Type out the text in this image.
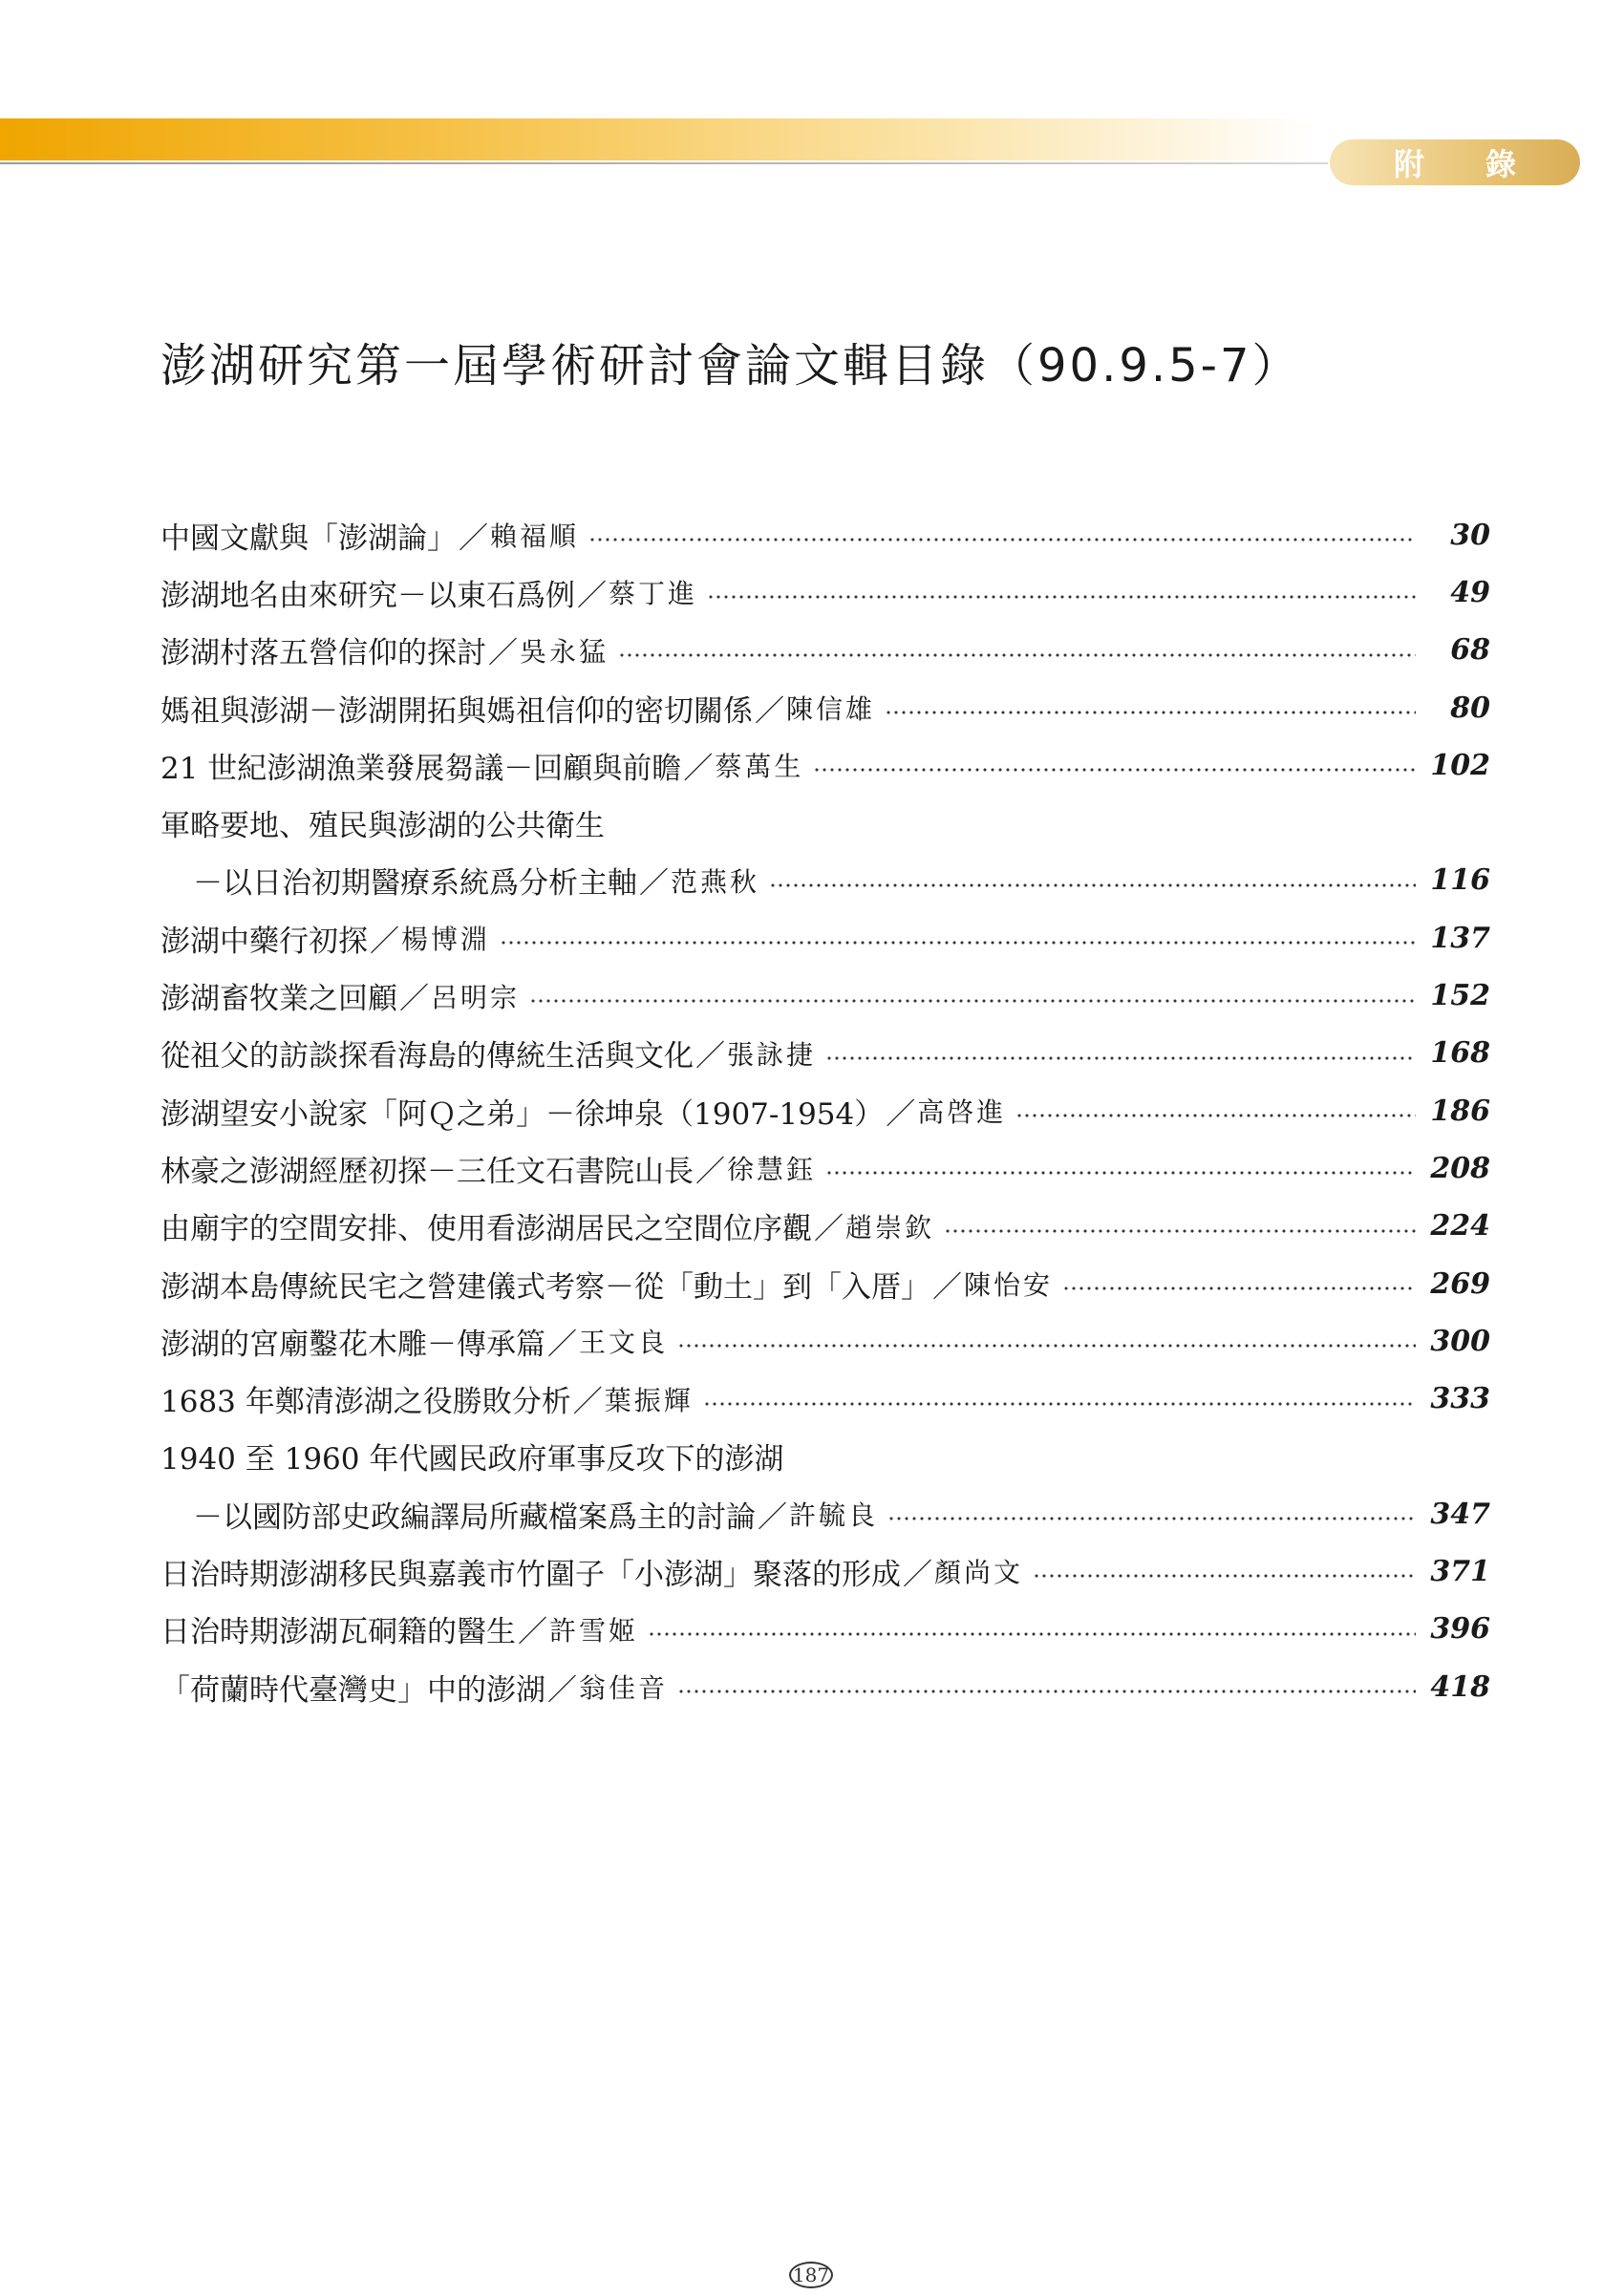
附錄
澎湖研究第一屆學術研討會論文輯目錄（90.9.5-7）
中國文獻與「澎湖論」 ／ 賴福順	30
澎湖地名由來研究－以東石爲例 ／ 蔡丁進	49
澎湖村落五營信仰的探討 ／ 吳永猛	68
媽祖與澎湖－澎湖開拓與媽祖信仰的密切關係 ／ 陳信雄	80
21 世紀澎湖漁業發展芻議－回顧與前瞻 ／ 蔡萬生	102
軍略要地、殖民與澎湖的公共衛生
－以日治初期醫療系統爲分析主軸 ／ 范燕秋	116
澎湖中藥行初探 ／ 楊博淵	137
澎湖畜牧業之回顧 ／ 呂明宗	152
從祖父的訪談探看海島的傳統生活與文化 ／ 張詠捷	168
澎湖望安小說家「阿Ｑ之弟」－徐坤泉（1907-1954） ／ 高啓進	186
林豪之澎湖經歷初探－三任文石書院山長 ／ 徐慧鈺	208
由廟宇的空間安排、使用看澎湖居民之空間位序觀 ／ 趙崇欽	224
澎湖本島傳統民宅之營建儀式考察－從「動土」到「入厝」 ／ 陳怡安	269
澎湖的宮廟鑿花木雕－傳承篇 ／ 王文良	300
1683 年鄭清澎湖之役勝敗分析 ／ 葉振輝	333
1940 至 1960 年代國民政府軍事反攻下的澎湖
－以國防部史政編譯局所藏檔案爲主的討論 ／ 許毓良	347
日治時期澎湖移民與嘉義市竹圍子「小澎湖」聚落的形成 ／ 顏尚文	371
日治時期澎湖瓦硐籍的醫生 ／ 許雪姬	396
「荷蘭時代臺灣史」中的澎湖 ／ 翁佳音	418
187
